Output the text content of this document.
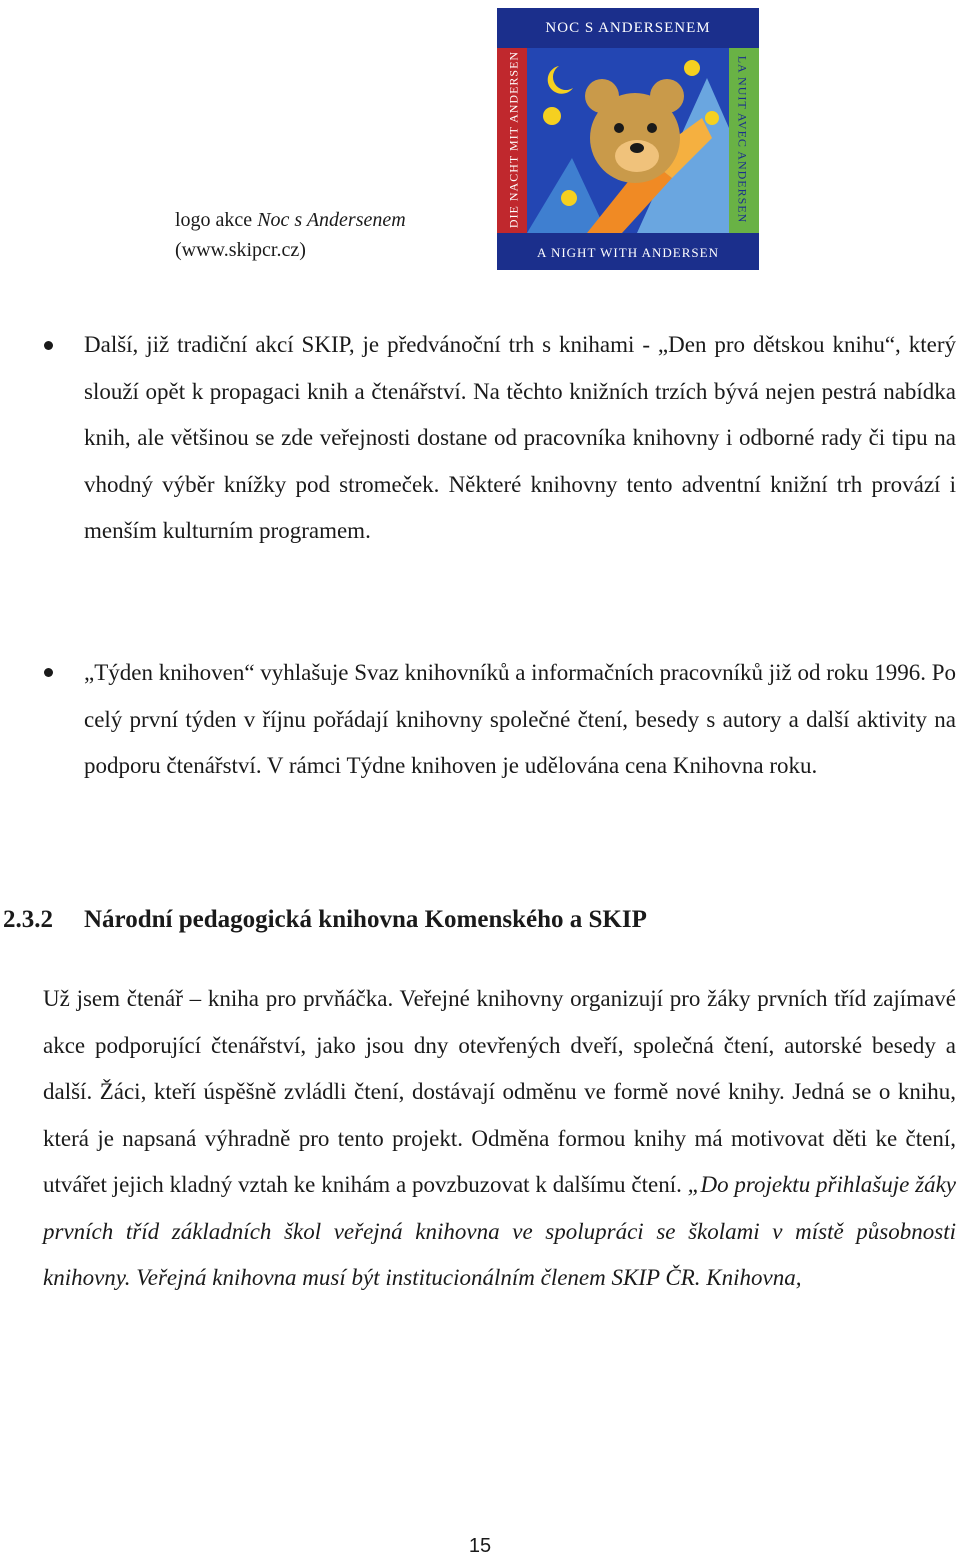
NOC S ANDERSENEM
DIE NACHT MIT ANDERSEN	LA NUIT AVEC ANDERSEN
A NIGHT WITH ANDERSEN
logo akce Noc s Andersenem
(www.skipcr.cz)
Další, již tradiční akcí SKIP, je předvánoční trh s knihami - „Den pro dětskou knihu“, který slouží opět k propagaci knih a čtenářství. Na těchto knižních trzích bývá nejen pestrá nabídka knih, ale většinou se zde veřejnosti dostane od pracovníka knihovny i odborné rady či tipu na vhodný výběr knížky pod stromeček. Některé knihovny tento adventní knižní trh provází i menším kulturním programem.
„Týden knihoven“ vyhlašuje Svaz knihovníků a informačních pracovníků již od roku 1996. Po celý první týden v říjnu pořádají knihovny společné čtení, besedy s autory a další aktivity na podporu čtenářství. V rámci Týdne knihoven je udělována cena Knihovna roku.
2.3.2 Národní pedagogická knihovna Komenského a SKIP
Už jsem čtenář – kniha pro prvňáčka. Veřejné knihovny organizují pro žáky prvních tříd zajímavé akce podporující čtenářství, jako jsou dny otevřených dveří, společná čtení, autorské besedy a další. Žáci, kteří úspěšně zvládli čtení, dostávají odměnu ve formě nové knihy. Jedná se o knihu, která je napsaná výhradně pro tento projekt. Odměna formou knihy má motivovat děti ke čtení, utvářet jejich kladný vztah ke knihám a povzbuzovat k dalšímu čtení. „Do projektu přihlašuje žáky prvních tříd základních škol veřejná knihovna ve spolupráci se školami v místě působnosti knihovny. Veřejná knihovna musí být institucionálním členem SKIP ČR. Knihovna,
15
